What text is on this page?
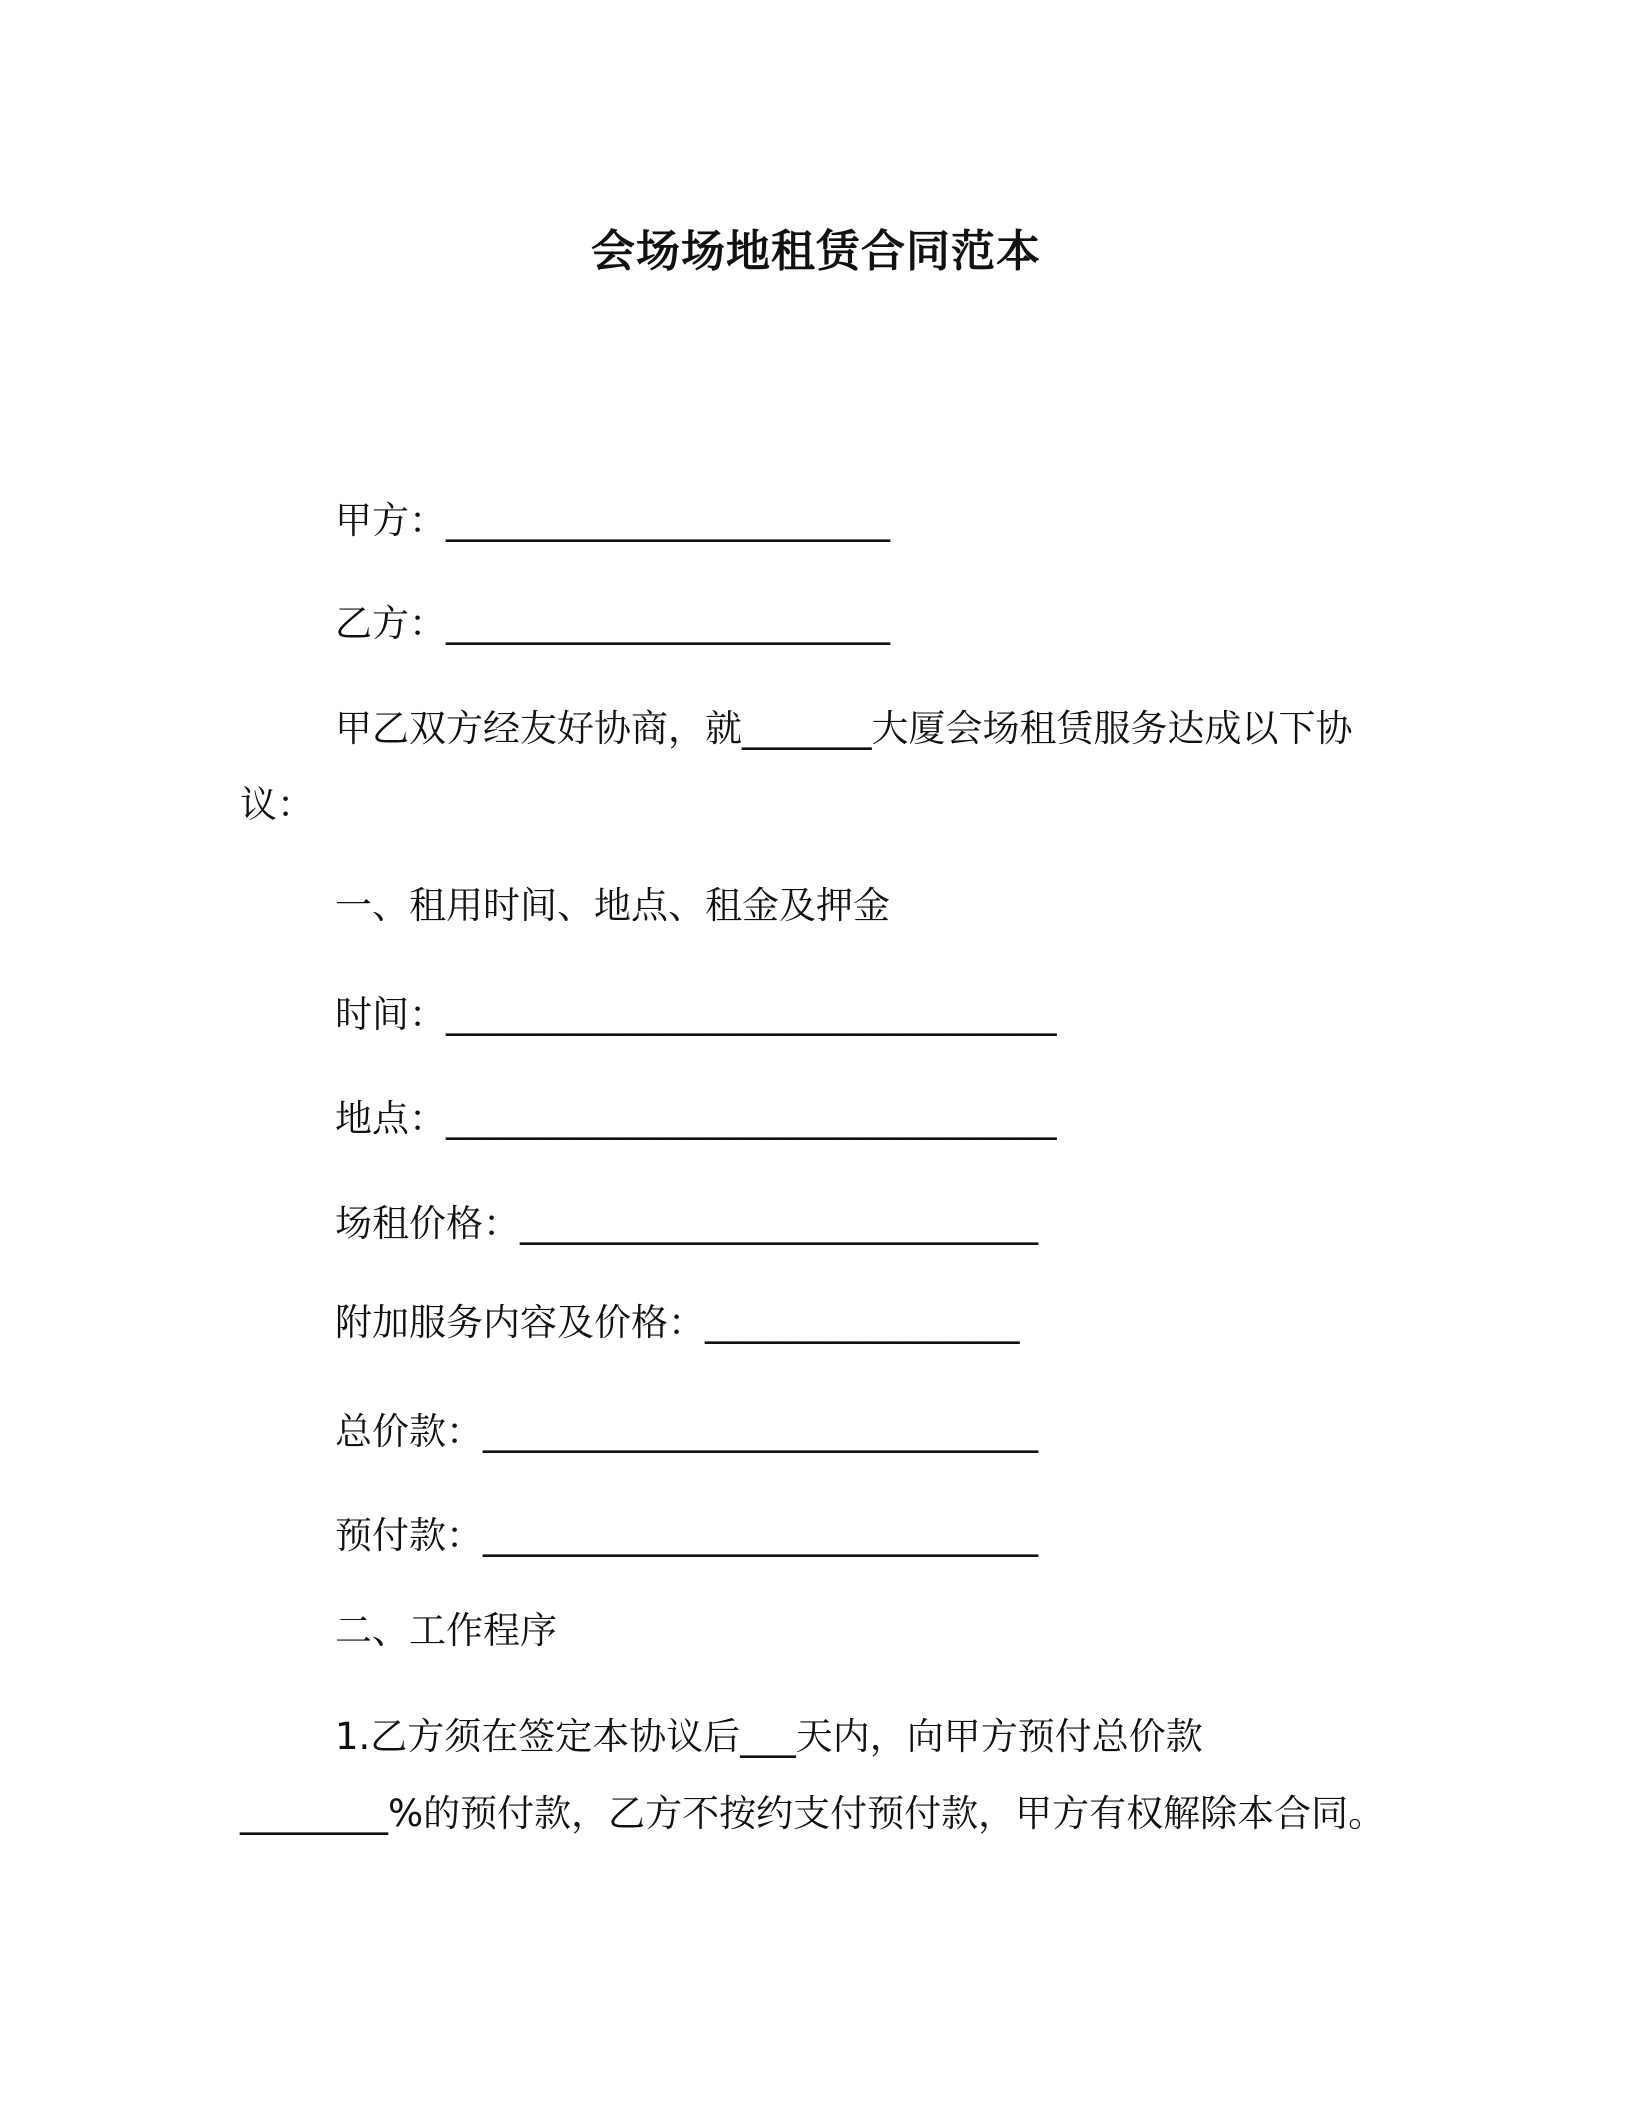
会场场地租赁合同范本
甲方：________________________
乙方：________________________
甲乙双方经友好协商，就_______大厦会场租赁服务达成以下协
议：
一、租用时间、地点、租金及押金
时间：_________________________________
地点：_________________________________
场租价格：____________________________
附加服务内容及价格：_________________
总价款：______________________________
预付款：______________________________
二、工作程序
1.乙方须在签定本协议后___天内，向甲方预付总价款
________%的预付款，乙方不按约支付预付款，甲方有权解除本合同。
